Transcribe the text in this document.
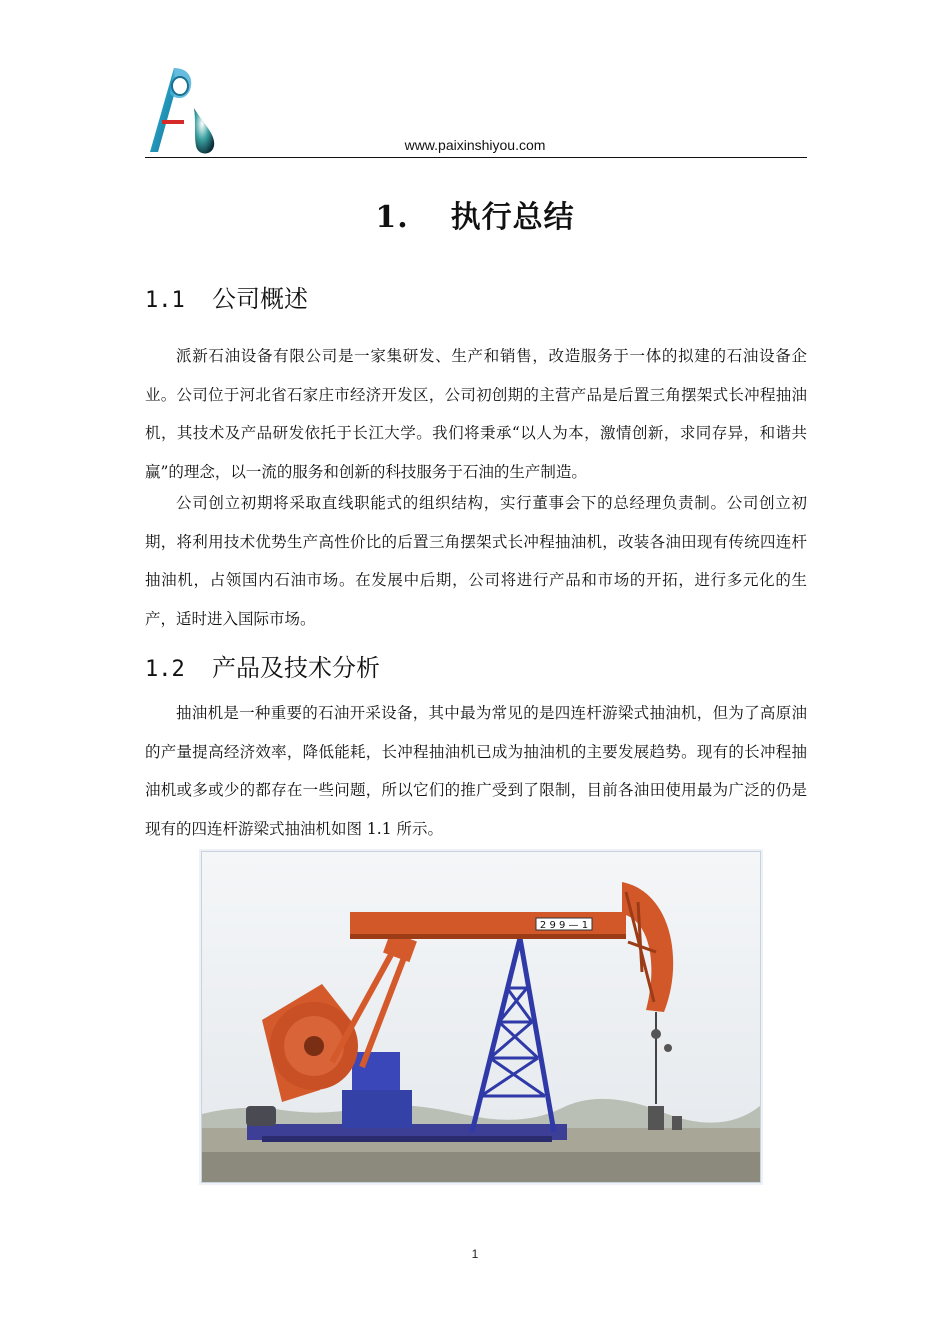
www.paixinshiyou.com
1. 执行总结
1.1 公司概述

派新石油设备有限公司是一家集研发、生产和销售，改造服务于一体的拟建的石油设备企业。公司位于河北省石家庄市经济开发区，公司初创期的主营产品是后置三角摆架式长冲程抽油机，其技术及产品研发依托于长江大学。我们将秉承“以人为本，激情创新，求同存异，和谐共赢”的理念，以一流的服务和创新的科技服务于石油的生产制造。

公司创立初期将采取直线职能式的组织结构，实行董事会下的总经理负责制。公司创立初期，将利用技术优势生产高性价比的后置三角摆架式长冲程抽油机，改装各油田现有传统四连杆抽油机，占领国内石油市场。在发展中后期，公司将进行产品和市场的开拓，进行多元化的生产，适时进入国际市场。

1.2 产品及技术分析

抽油机是一种重要的石油开采设备，其中最为常见的是四连杆游梁式抽油机，但为了高原油的产量提高经济效率，降低能耗，长冲程抽油机已成为抽油机的主要发展趋势。现有的长冲程抽油机或多或少的都存在一些问题，所以它们的推广受到了限制，目前各油田使用最为广泛的仍是现有的四连杆游梁式抽油机如图 1.1 所示。

2 9 9 — 1
1
